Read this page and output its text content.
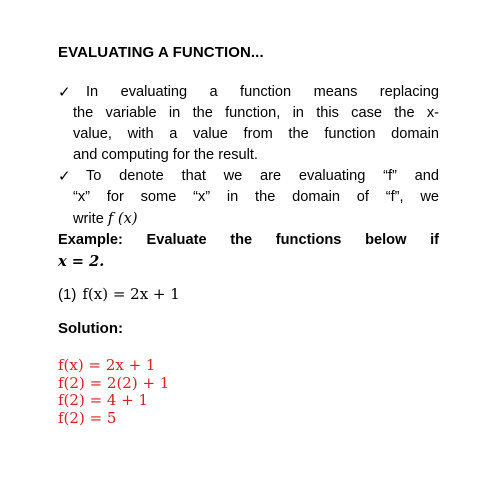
EVALUATING A FUNCTION...
✓	In evaluating a function means replacing
the variable in the function, in this case the x-
value, with a value from the function domain
and computing for the result.
✓	To denote that we are evaluating “f” and
“x” for some “x” in the domain of “f”, we
write f (x)
Example: Evaluate the functions below if
x = 2.
(1) f(x) = 2x + 1
Solution:
f(x) = 2x + 1
f(2) = 2(2) + 1
f(2) = 4 + 1
f(2) = 5
